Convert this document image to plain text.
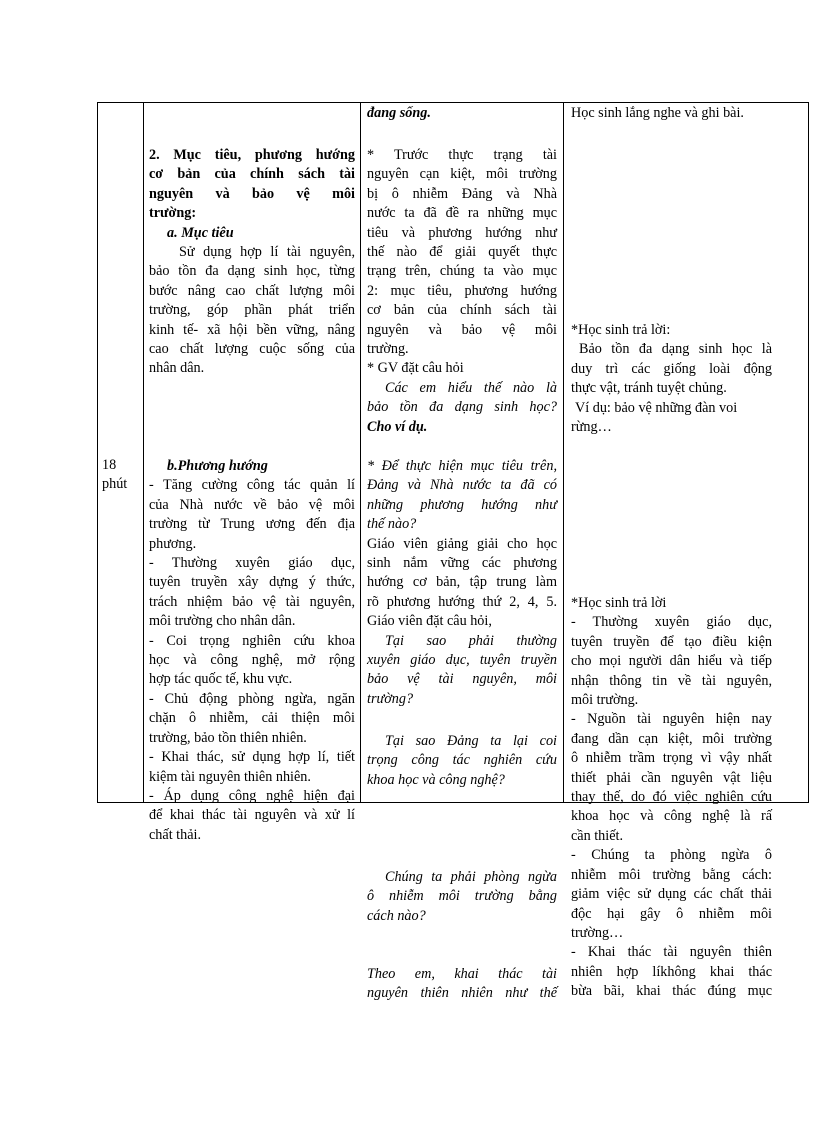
18
phút
2. Mục tiêu, phương hướng
cơ bản của chính sách tài
nguyên và bảo vệ môi
trường:
a. Mục tiêu
Sử dụng hợp lí tài nguyên,
bảo tồn đa dạng sinh học, từng
bước nâng cao chất lượng môi
trường, góp phần phát triển
kinh tế- xã hội bền vững, nâng
cao chất lượng cuộc sống của
nhân dân.
b.Phương hướng
- Tăng cường công tác quản lí
của Nhà nước về bảo vệ môi
trường từ Trung ương đến địa
phương.
- Thường xuyên giáo dục,
tuyên truyền xây dựng ý thức,
trách nhiệm bảo vệ tài nguyên,
môi trường cho nhân dân.
- Coi trọng nghiên cứu khoa
học và công nghệ, mở rộng
hợp tác quốc tế, khu vực.
- Chủ động phòng ngừa, ngăn
chặn ô nhiễm, cải thiện môi
trường, bảo tồn thiên nhiên.
- Khai thác, sử dụng hợp lí, tiết
kiệm tài nguyên thiên nhiên.
- Áp dụng công nghệ hiện đại
để khai thác tài nguyên và xử lí
chất thải.
đang sống.
* Trước thực trạng tài
nguyên cạn kiệt, môi trường
bị ô nhiễm Đảng và Nhà
nước ta đã đề ra những mục
tiêu và phương hướng như
thế nào để giải quyết thực
trạng trên, chúng ta vào mục
2: mục tiêu, phương hướng
cơ bản của chính sách tài
nguyên và bảo vệ môi
trường.
* GV đặt câu hỏi
Các em hiểu thế nào là
bảo tồn đa dạng sinh học?
Cho ví dụ.
* Để thực hiện mục tiêu trên,
Đảng và Nhà nước ta đã có
những phương hướng như
thế nào?
Giáo viên giảng giải cho học
sinh nắm vững các phương
hướng cơ bản, tập trung làm
rõ phương hướng thứ 2, 4, 5.
Giáo viên đặt câu hỏi,
Tại sao phải thường
xuyên giáo dục, tuyên truyền
bảo vệ tài nguyên, môi
trường?
Tại sao Đảng ta lại coi
trọng công tác nghiên cứu
khoa học và công nghệ?
Chúng ta phải phòng ngừa
ô nhiễm môi trường bằng
cách nào?
Theo em, khai thác tài
nguyên thiên nhiên như thế
Học sinh lắng nghe và ghi bài.
*Học sinh trả lời:
Bảo tồn đa dạng sinh học là
duy trì các giống loài động
thực vật, tránh tuyệt chủng.
Ví dụ: bảo vệ những đàn voi
rừng…
*Học sinh trả lời
- Thường xuyên giáo dục,
tuyên truyền để tạo điều kiện
cho mọi người dân hiểu và tiếp
nhận thông tin về tài nguyên,
môi trường.
- Nguồn tài nguyên hiện nay
đang dần cạn kiệt, môi trường
ô nhiễm trầm trọng vì vậy nhất
thiết phải cần nguyên vật liệu
thay thế, do đó việc nghiên cứu
khoa học và công nghệ là rấ
cần thiết.
- Chúng ta phòng ngừa ô
nhiễm môi trường bằng cách:
giảm việc sử dụng các chất thải
độc hại gây ô nhiễm môi
trường…
- Khai thác tài nguyên thiên
nhiên hợp líkhông khai thác
bừa bãi, khai thác đúng mục
